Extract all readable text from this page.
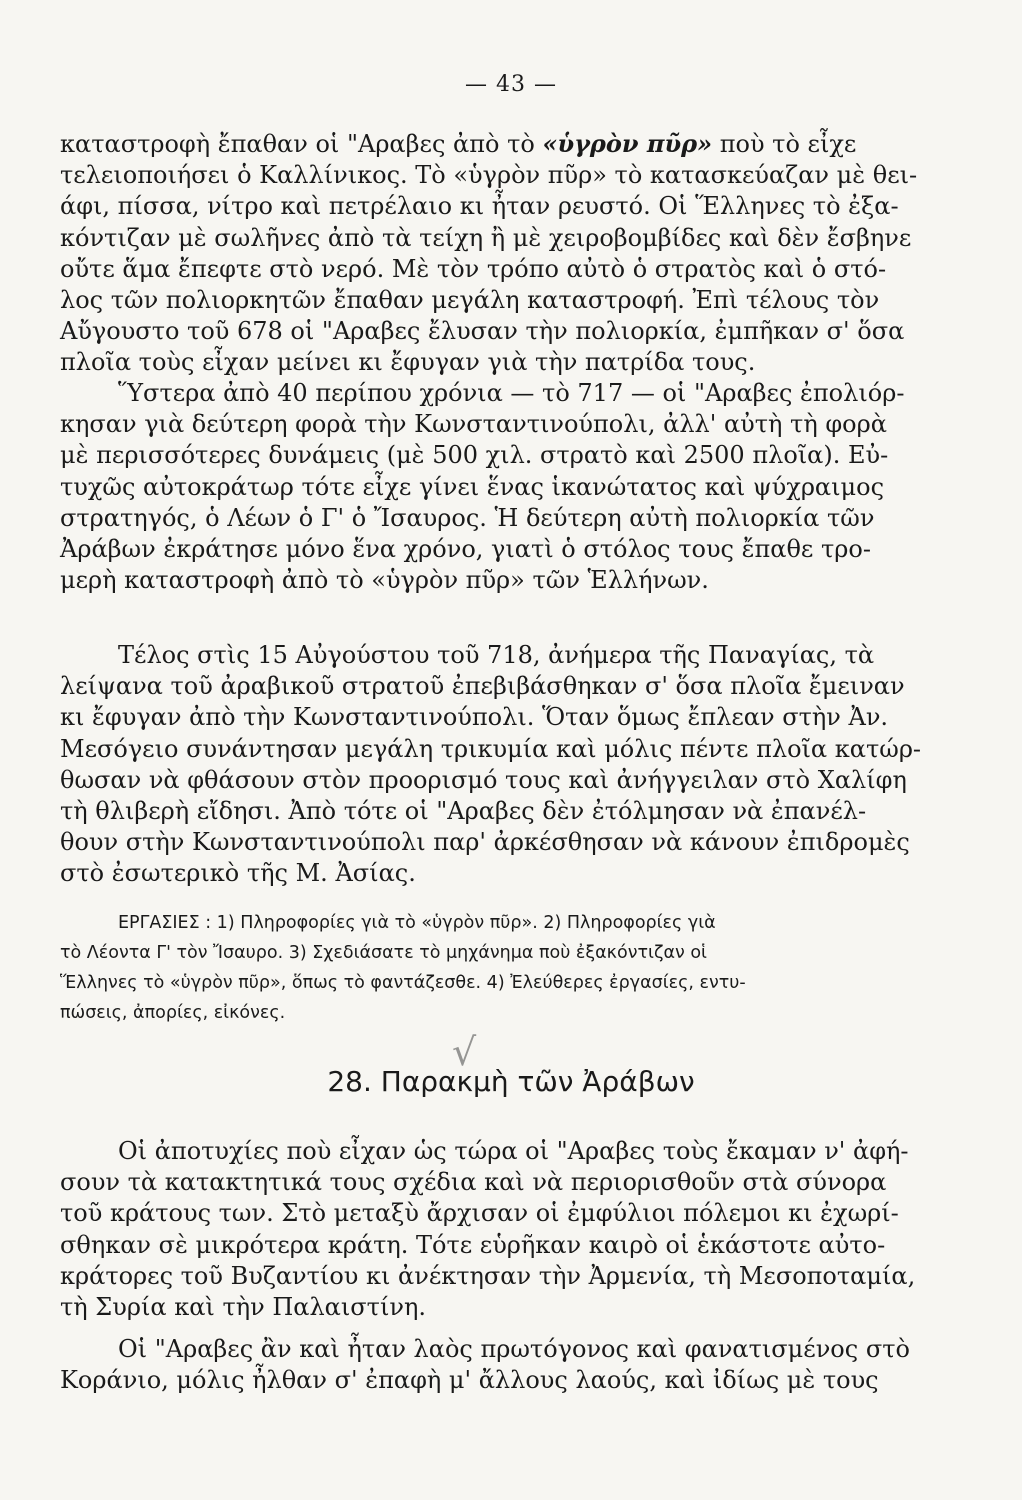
— 43 —
καταστροφὴ ἔπαθαν οἱ "Αραβες ἀπὸ τὸ «ὑγρὸν πῦρ» ποὺ τὸ εἶχε
τελειοποιήσει ὁ Καλλίνικος. Τὸ «ὑγρὸν πῦρ» τὸ κατασκεύαζαν μὲ θει-
άφι, πίσσα, νίτρο καὶ πετρέλαιο κι ἦταν ρευστό. Οἱ Ἕλληνες τὸ ἐξα-
κόντιζαν μὲ σωλῆνες ἀπὸ τὰ τείχη ἢ μὲ χειροβομβίδες καὶ δὲν ἔσβηνε
οὔτε ἅμα ἔπεφτε στὸ νερό. Μὲ τὸν τρόπο αὐτὸ ὁ στρατὸς καὶ ὁ στό-
λος τῶν πολιορκητῶν ἔπαθαν μεγάλη καταστροφή. Ἐπὶ τέλους τὸν
Αὔγουστο τοῦ 678 οἱ "Αραβες ἔλυσαν τὴν πολιορκία, ἐμπῆκαν σ' ὅσα
πλοῖα τοὺς εἶχαν μείνει κι ἔφυγαν γιὰ τὴν πατρίδα τους.
Ὕστερα ἀπὸ 40 περίπου χρόνια — τὸ 717 — οἱ "Αραβες ἐπολιόρ-
κησαν γιὰ δεύτερη φορὰ τὴν Κωνσταντινούπολι, ἀλλ' αὐτὴ τὴ φορὰ
μὲ περισσότερες δυνάμεις (μὲ 500 χιλ. στρατὸ καὶ 2500 πλοῖα). Εὐ-
τυχῶς αὐτοκράτωρ τότε εἶχε γίνει ἕνας ἱκανώτατος καὶ ψύχραιμος
στρατηγός, ὁ Λέων ὁ Γ' ὁ Ἴσαυρος. Ἡ δεύτερη αὐτὴ πολιορκία τῶν
Ἀράβων ἐκράτησε μόνο ἕνα χρόνο, γιατὶ ὁ στόλος τους ἔπαθε τρο-
μερὴ καταστροφὴ ἀπὸ τὸ «ὑγρὸν πῦρ» τῶν Ἑλλήνων.
Τέλος στὶς 15 Αὐγούστου τοῦ 718, ἀνήμερα τῆς Παναγίας, τὰ
λείψανα τοῦ ἀραβικοῦ στρατοῦ ἐπεβιβάσθηκαν σ' ὅσα πλοῖα ἔμειναν
κι ἔφυγαν ἀπὸ τὴν Κωνσταντινούπολι. Ὅταν ὅμως ἔπλεαν στὴν Ἀν.
Μεσόγειο συνάντησαν μεγάλη τρικυμία καὶ μόλις πέντε πλοῖα κατώρ-
θωσαν νὰ φθάσουν στὸν προορισμό τους καὶ ἀνήγγειλαν στὸ Χαλίφη
τὴ θλιβερὴ εἴδησι. Ἀπὸ τότε οἱ "Αραβες δὲν ἐτόλμησαν νὰ ἐπανέλ-
θουν στὴν Κωνσταντινούπολι παρ' ἀρκέσθησαν νὰ κάνουν ἐπιδρομὲς
στὸ ἐσωτερικὸ τῆς Μ. Ἀσίας.
ΕΡΓΑΣΙΕΣ : 1) Πληροφορίες γιὰ τὸ «ὑγρὸν πῦρ». 2) Πληροφορίες γιὰ
τὸ Λέοντα Γ' τὸν Ἴσαυρο. 3) Σχεδιάσατε τὸ μηχάνημα ποὺ ἐξακόντιζαν οἱ
Ἕλληνες τὸ «ὑγρὸν πῦρ», ὅπως τὸ φαντάζεσθε. 4) Ἐλεύθερες ἐργασίες, εντυ-
πώσεις, ἀπορίες, εἰκόνες.
√
28. Παρακμὴ τῶν Ἀράβων
Οἱ ἀποτυχίες ποὺ εἶχαν ὡς τώρα οἱ "Αραβες τοὺς ἔκαμαν ν' ἀφή-
σουν τὰ κατακτητικά τους σχέδια καὶ νὰ περιορισθοῦν στὰ σύνορα
τοῦ κράτους των. Στὸ μεταξὺ ἄρχισαν οἱ ἐμφύλιοι πόλεμοι κι ἐχωρί-
σθηκαν σὲ μικρότερα κράτη. Τότε εὑρῆκαν καιρὸ οἱ ἑκάστοτε αὐτο-
κράτορες τοῦ Βυζαντίου κι ἀνέκτησαν τὴν Ἀρμενία, τὴ Μεσοποταμία,
τὴ Συρία καὶ τὴν Παλαιστίνη.
Οἱ "Αραβες ἂν καὶ ἦταν λαὸς πρωτόγονος καὶ φανατισμένος στὸ
Κοράνιο, μόλις ἦλθαν σ' ἐπαφὴ μ' ἄλλους λαούς, καὶ ἰδίως μὲ τους
